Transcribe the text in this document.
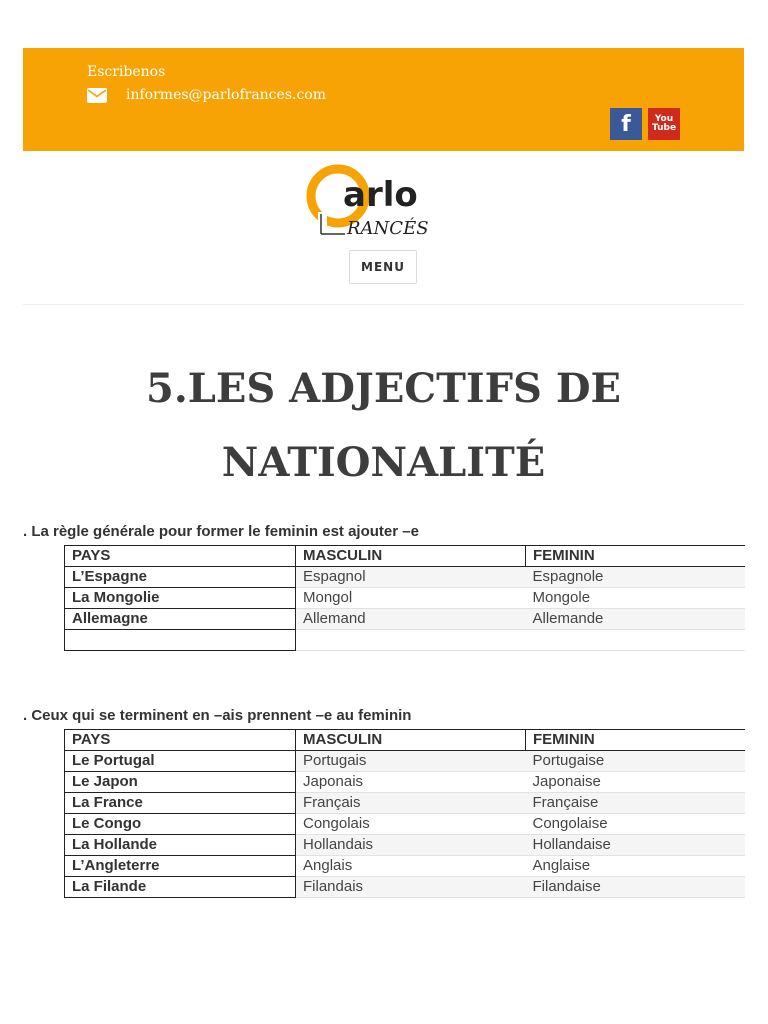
Escribenos
informes@parlofrances.com
f	You
Tube
arlo
RANCÉS
MENU
5.LES ADJECTIFS DE
NATIONALITÉ

. La règle générale pour former le feminin est ajouter –e

PAYS	MASCULIN	FEMININ
L’Espagne	Espagnol	Espagnole
La Mongolie	Mongol	Mongole
Allemagne	Allemand	Allemande

. Ceux qui se terminent en –ais prennent –e au feminin

PAYS	MASCULIN	FEMININ
Le Portugal	Portugais	Portugaise
Le Japon	Japonais	Japonaise
La France	Français	Française
Le Congo	Congolais	Congolaise
La Hollande	Hollandais	Hollandaise
L’Angleterre	Anglais	Anglaise
La Filande	Filandais	Filandaise
